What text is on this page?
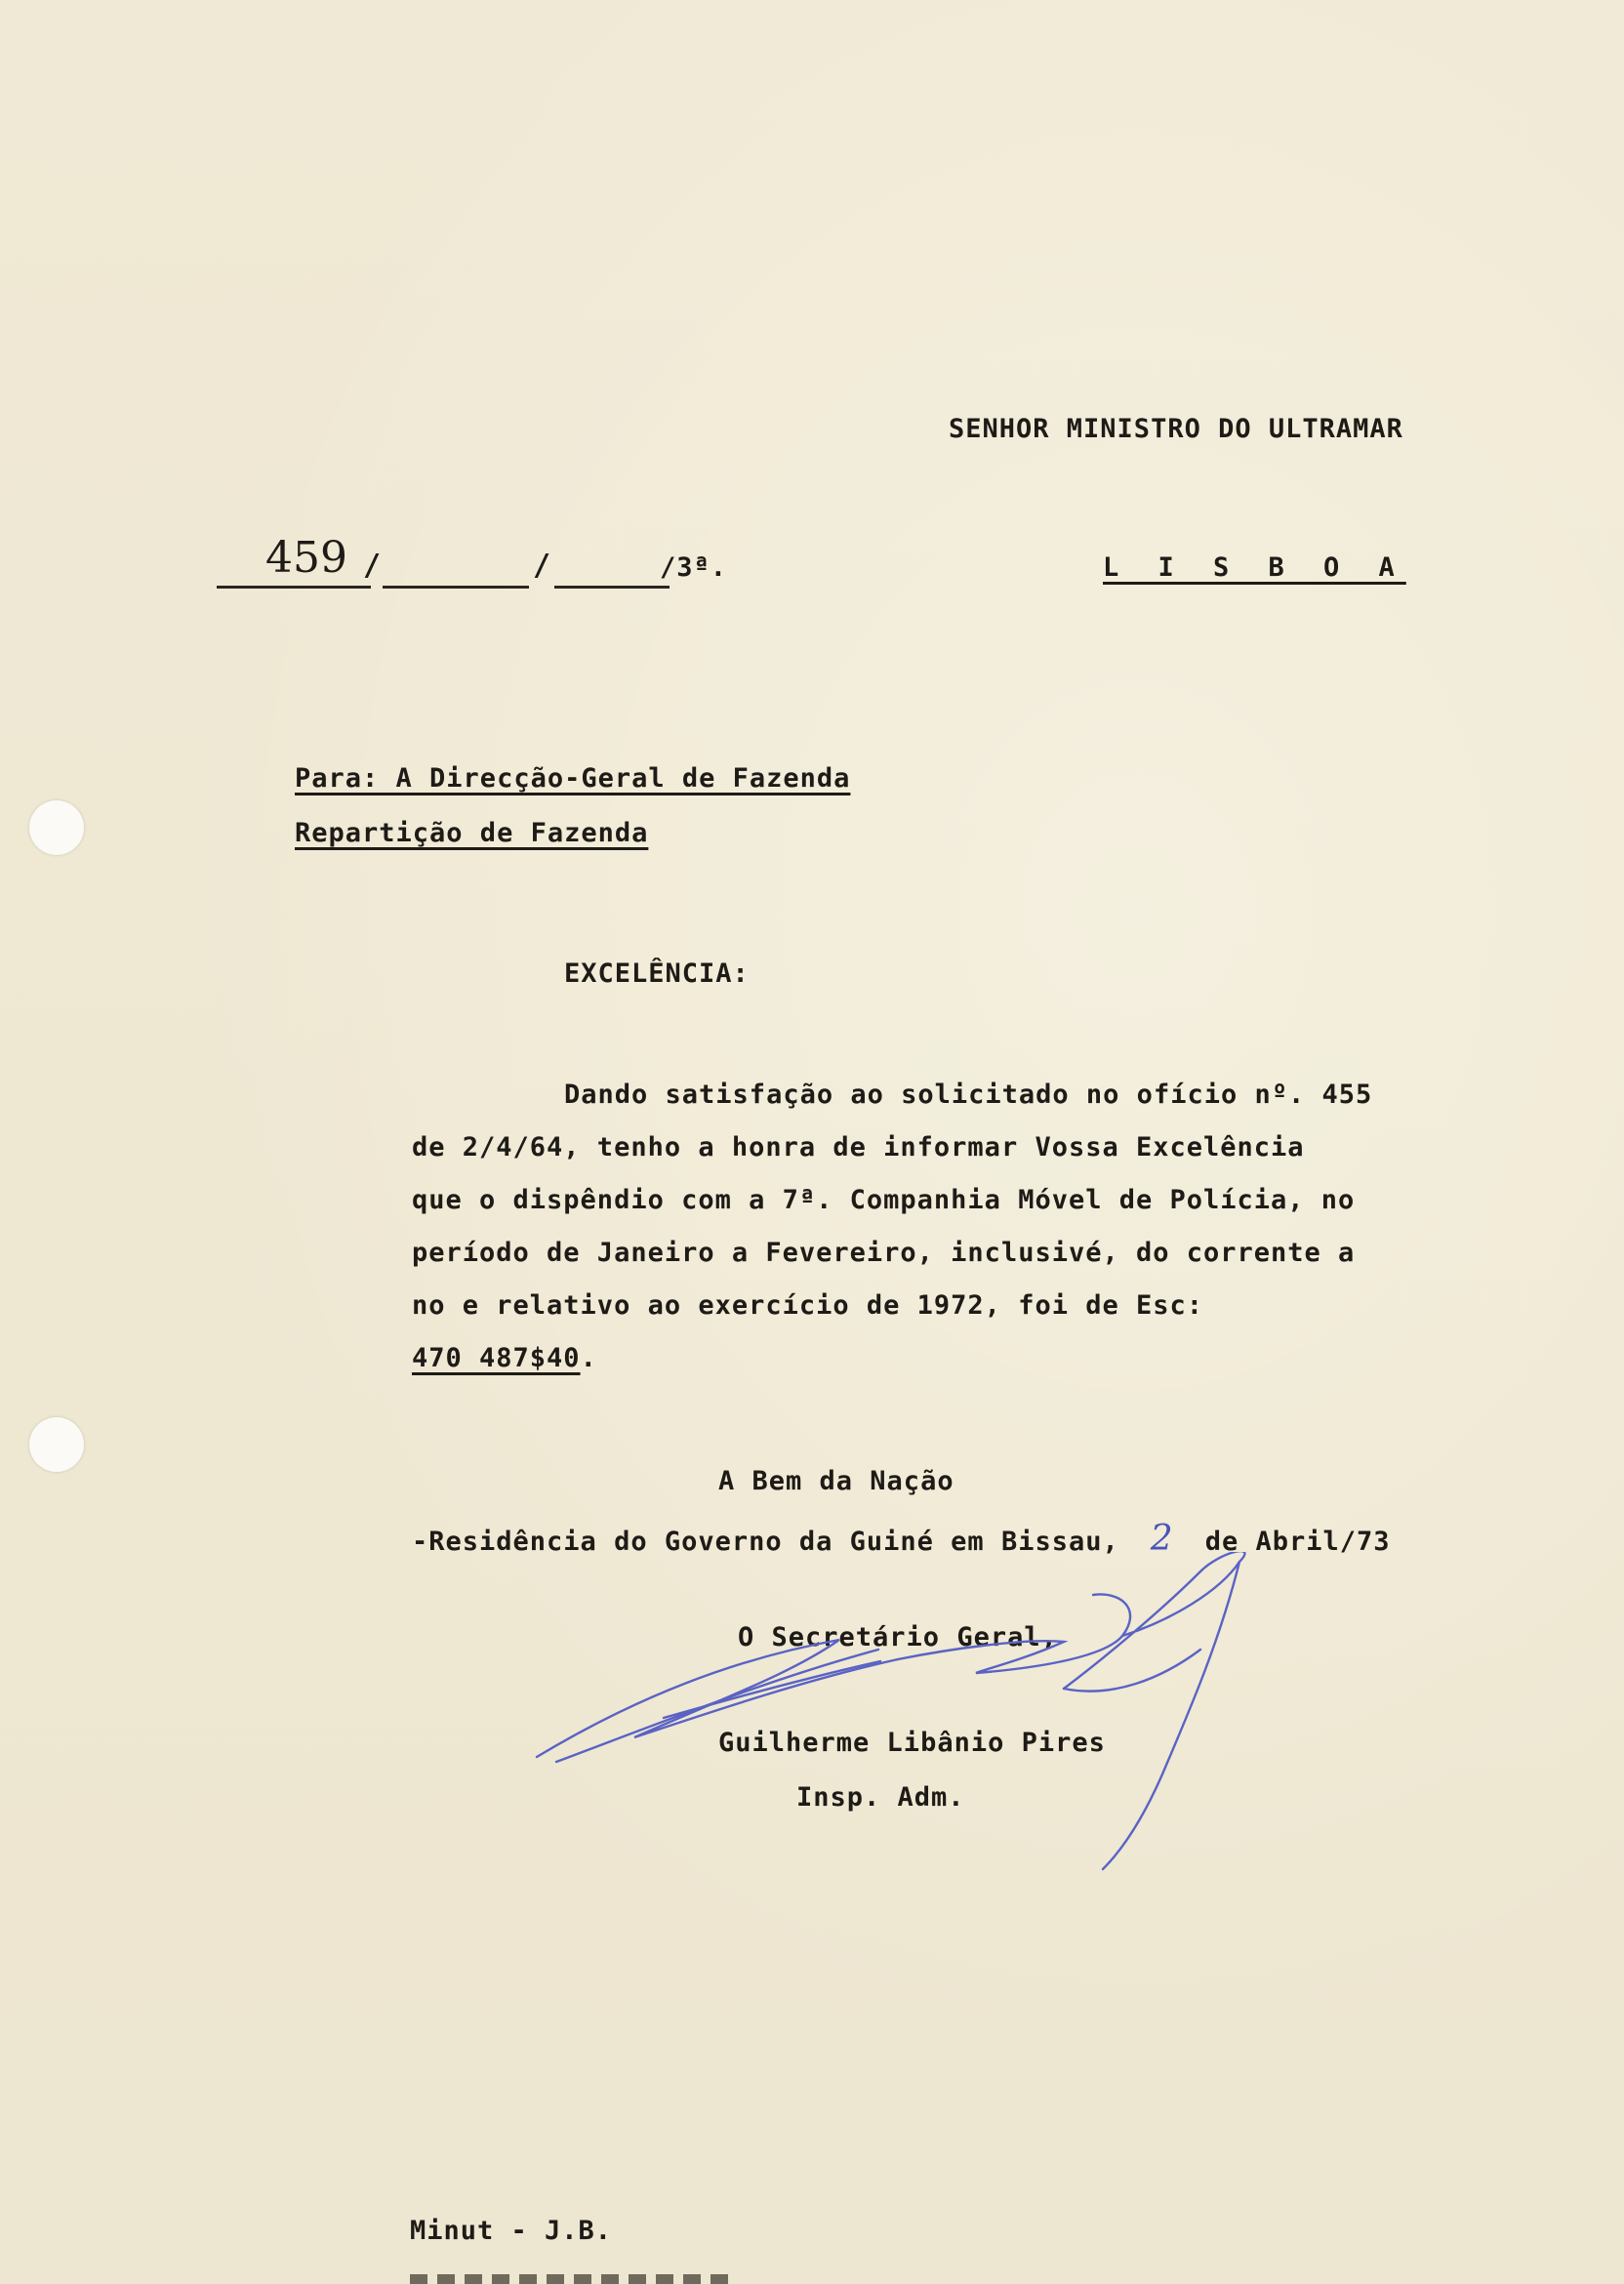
SENHOR MINISTRO DO ULTRAMAR
459 /	/	/3ª.	L I S B O A
Para: A Direcção-Geral de Fazenda
Repartição de Fazenda
EXCELÊNCIA:
Dando satisfação ao solicitado no ofício nº. 455
de 2/4/64, tenho a honra de informar Vossa Excelência
que o dispêndio com a 7ª. Companhia Móvel de Polícia, no
período de Janeiro a Fevereiro, inclusivé, do corrente a
no e relativo ao exercício de 1972, foi de Esc:
470 487$40.
A Bem da Nação
-Residência do Governo da Guiné em Bissau, 2 de Abril/73
O Secretário Geral,
Guilherme Libânio Pires
Insp. Adm.
Minut - J.B.
